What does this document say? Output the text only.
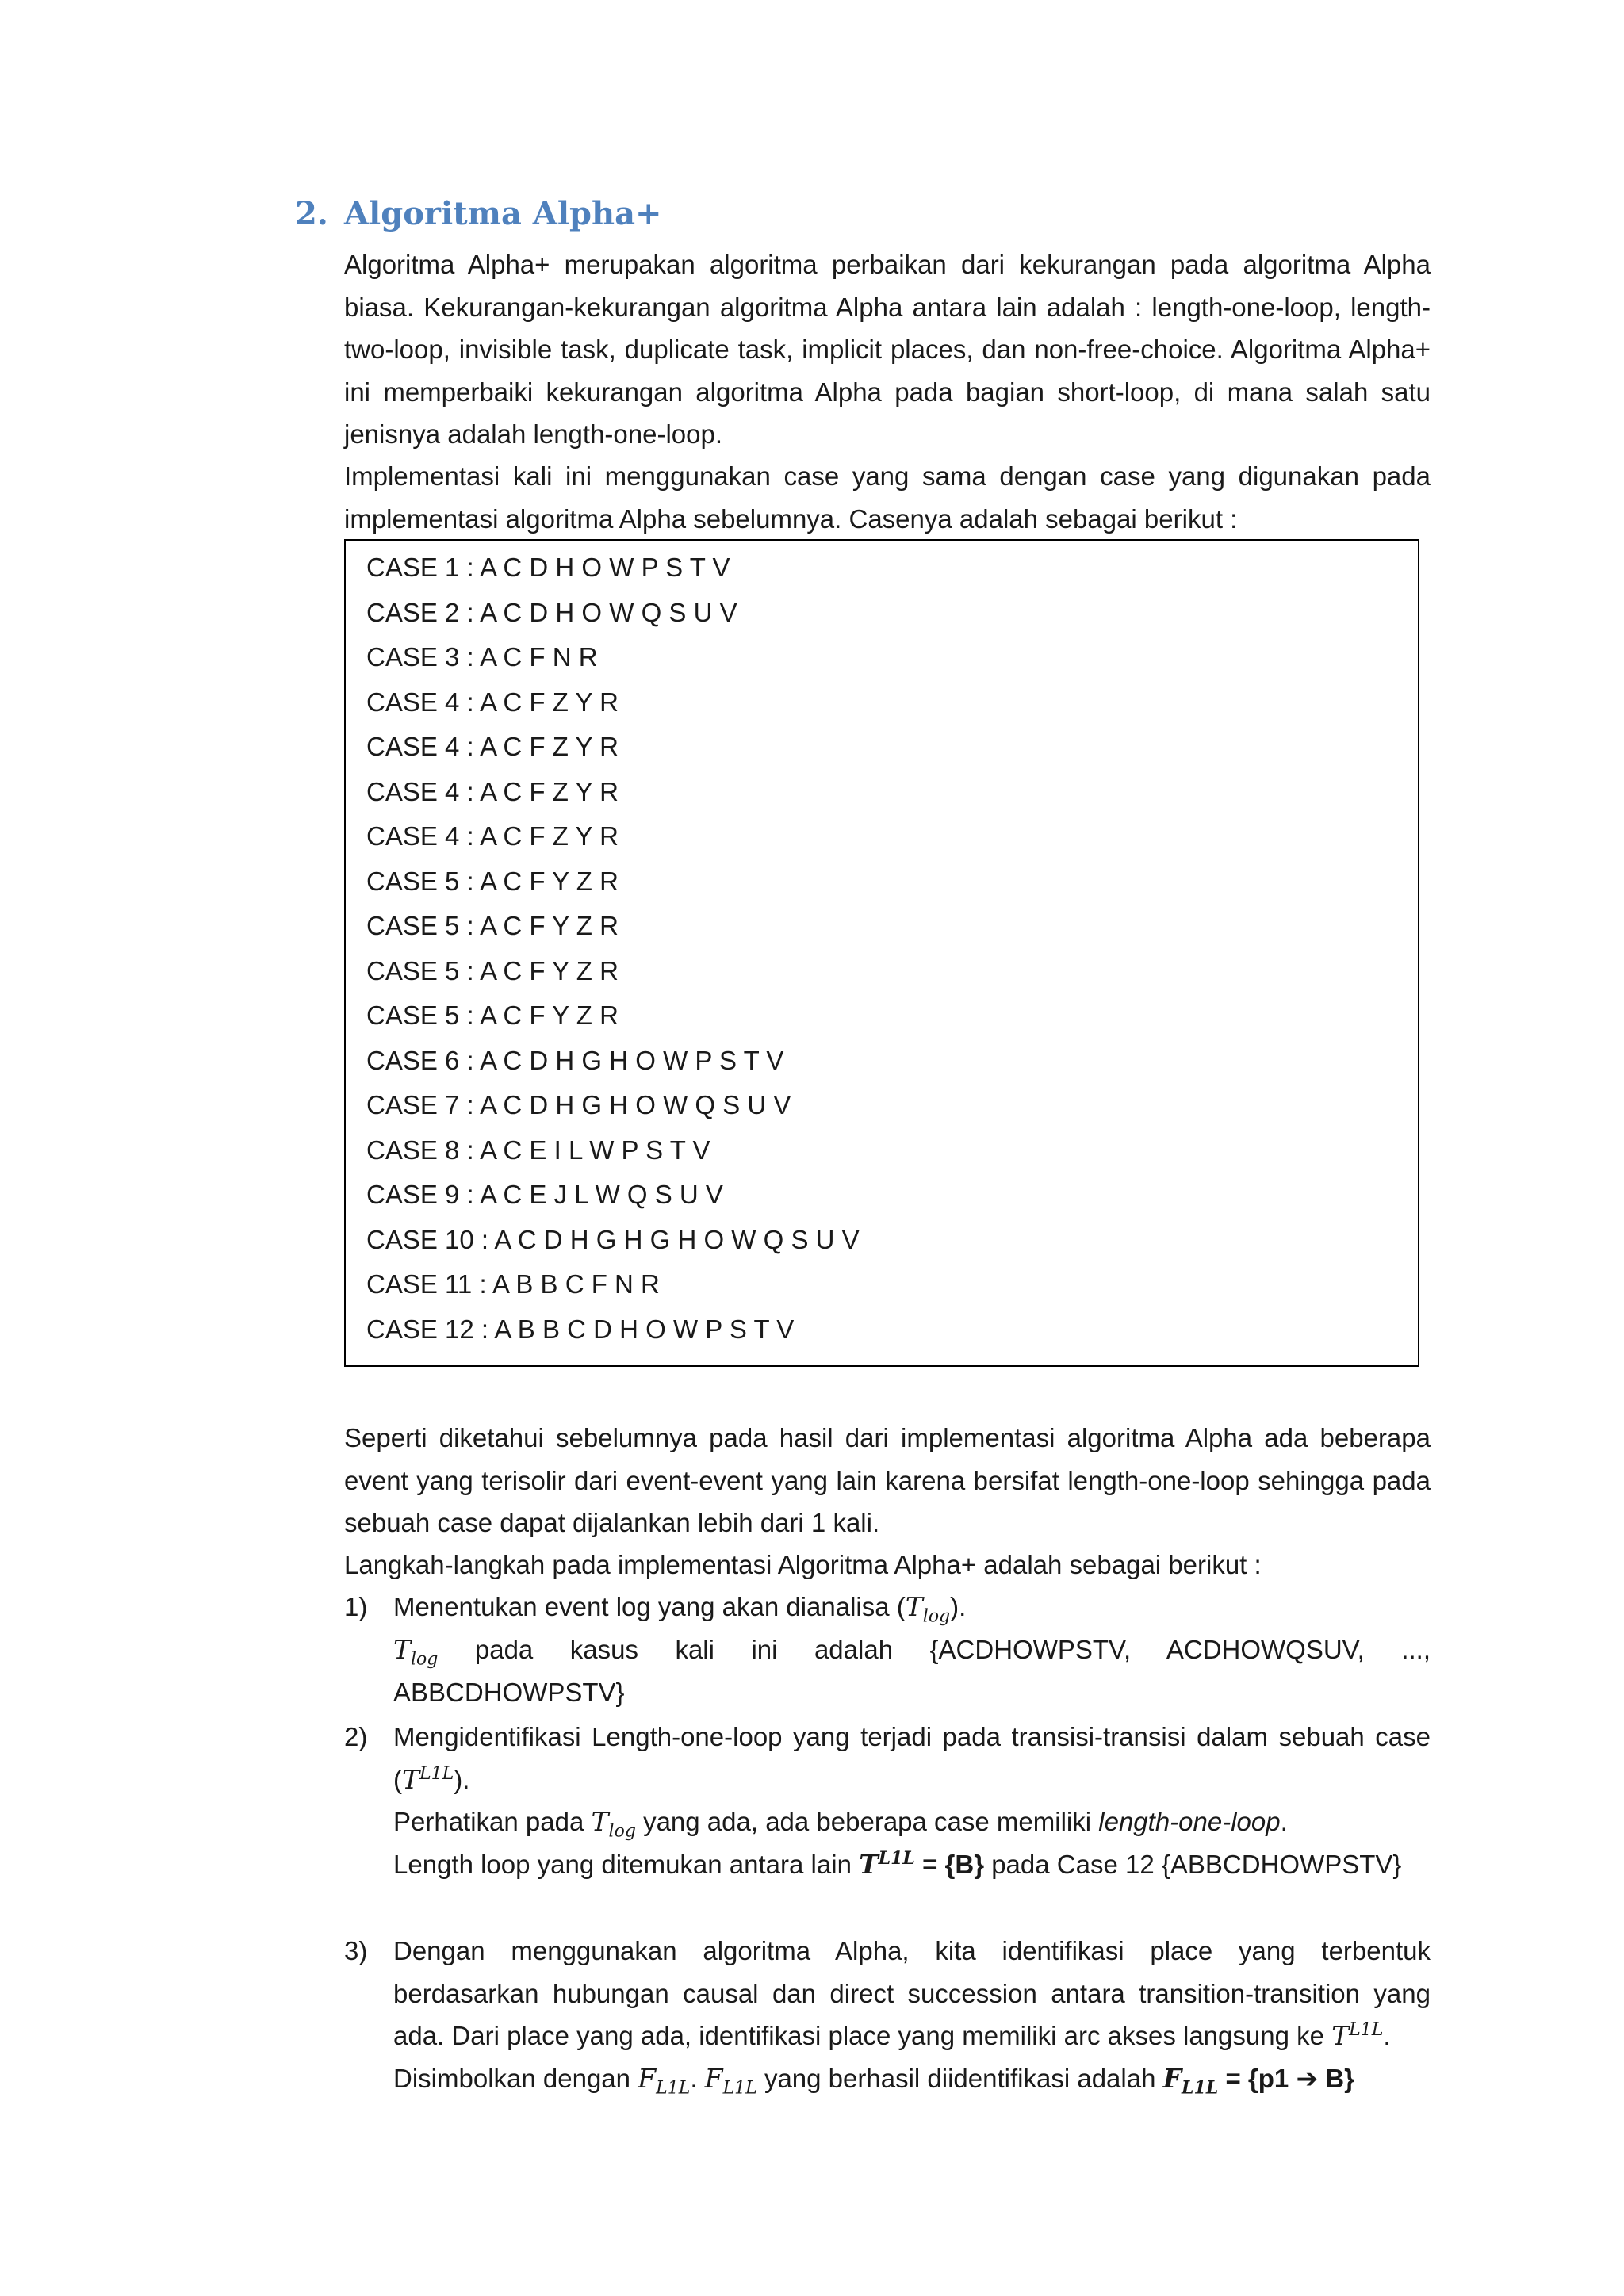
2. Algoritma Alpha+
Algoritma Alpha+ merupakan algoritma perbaikan dari kekurangan pada algoritma Alpha biasa. Kekurangan-kekurangan algoritma Alpha antara lain adalah : length-one-loop, length-two-loop, invisible task, duplicate task, implicit places, dan non-free-choice. Algoritma Alpha+ ini memperbaiki kekurangan algoritma Alpha pada bagian short-loop, di mana salah satu jenisnya adalah length-one-loop.
Implementasi kali ini menggunakan case yang sama dengan case yang digunakan pada implementasi algoritma Alpha sebelumnya. Casenya adalah sebagai berikut :
CASE 1 : A C D H O W P S T V
CASE 2 : A C D H O W Q S U V
CASE 3 : A C F N R
CASE 4 : A C F Z Y R
CASE 4 : A C F Z Y R
CASE 4 : A C F Z Y R
CASE 4 : A C F Z Y R
CASE 5 : A C F Y Z R
CASE 5 : A C F Y Z R
CASE 5 : A C F Y Z R
CASE 5 : A C F Y Z R
CASE 6 : A C D H G H O W P S T V
CASE 7 : A C D H G H O W Q S U V
CASE 8 : A C E I L W P S T V
CASE 9 : A C E J L W Q S U V
CASE 10 : A C D H G H G H O W Q S U V
CASE 11 : A B B C F N R
CASE 12 : A B B C D H O W P S T V
Seperti diketahui sebelumnya pada hasil dari implementasi algoritma Alpha ada beberapa event yang terisolir dari event-event yang lain karena bersifat length-one-loop sehingga pada sebuah case dapat dijalankan lebih dari 1 kali.
Langkah-langkah pada implementasi Algoritma Alpha+ adalah sebagai berikut :
1) Menentukan event log yang akan dianalisa $(T_{log})$.
$T_{log}$ pada kasus kali ini adalah {ACDHOWPSTV, ACDHOWQSUV, ..., ABBCDHOWPSTV}
2) Mengidentifikasi Length-one-loop yang terjadi pada transisi-transisi dalam sebuah case $(T^{L1L})$.
Perhatikan pada $T_{log}$ yang ada, ada beberapa case memiliki length-one-loop.
Length loop yang ditemukan antara lain $T^{L1L} = \{B\}$ pada Case 12 {ABBCDHOWPSTV}
3) Dengan menggunakan algoritma Alpha, kita identifikasi place yang terbentuk berdasarkan hubungan causal dan direct succession antara transition-transition yang ada. Dari place yang ada, identifikasi place yang memiliki arc akses langsung ke $T^{L1L}$.
Disimbolkan dengan $F_{L1L}$. $F_{L1L}$ yang berhasil diidentifikasi adalah $F_{L1L} = \{p1$ ➔ B}
